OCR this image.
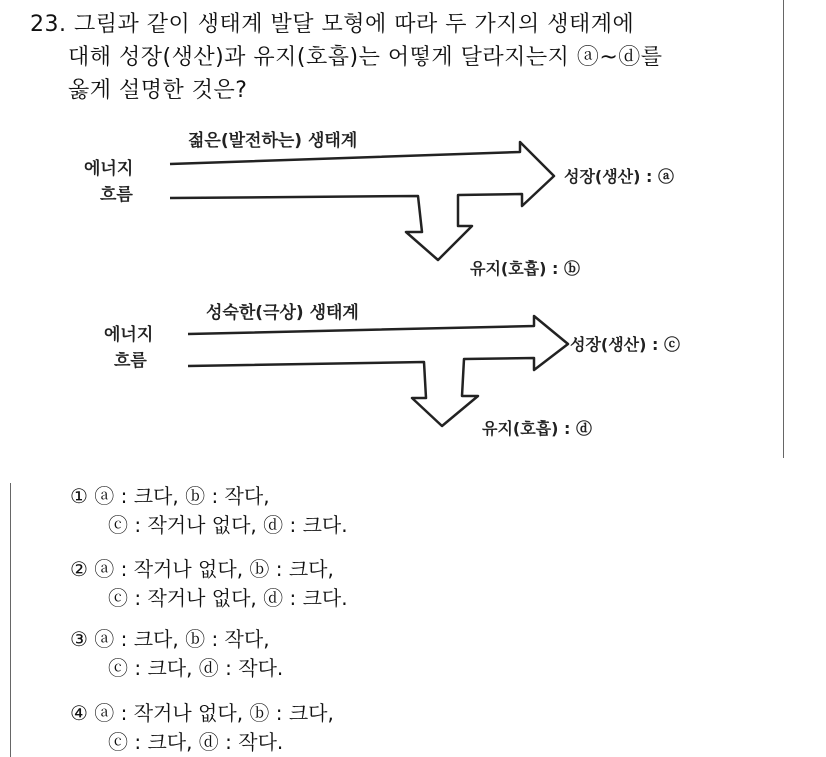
23. 그림과 같이 생태계 발달 모형에 따라 두 가지의 생태계에
대해 성장(생산)과 유지(호흡)는 어떻게 달라지는지 ⓐ~ⓓ를
옳게 설명한 것은?
젊은(발전하는) 생태계
에너지
흐름
성장(생산) : ⓐ
유지(호흡) : ⓑ
성숙한(극상) 생태계
에너지
흐름
성장(생산) : ⓒ
유지(호흡) : ⓓ
① ⓐ : 크다, ⓑ : 작다,
ⓒ : 작거나 없다, ⓓ : 크다.
② ⓐ : 작거나 없다, ⓑ : 크다,
ⓒ : 작거나 없다, ⓓ : 크다.
③ ⓐ : 크다, ⓑ : 작다,
ⓒ : 크다, ⓓ : 작다.
④ ⓐ : 작거나 없다, ⓑ : 크다,
ⓒ : 크다, ⓓ : 작다.
